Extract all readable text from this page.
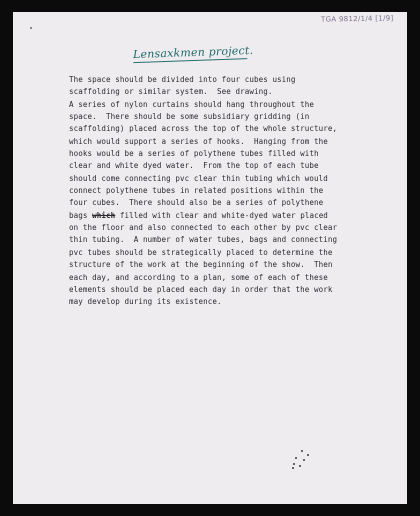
TGA 9812/1/4 [1/9]
Lensaxkmen project.
The space should be divided into four cubes using
scaffolding or similar system.  See drawing.
A series of nylon curtains should hang throughout the
space.  There should be some subsidiary gridding (in
scaffolding) placed across the top of the whole structure,
which would support a series of hooks.  Hanging from the
hooks would be a series of polythene tubes filled with
clear and white dyed water.  From the top of each tube
should come connecting pvc clear thin tubing which would
connect polythene tubes in related positions within the
four cubes.  There should also be a series of polythene
bags which filled with clear and white-dyed water placed
on the floor and also connected to each other by pvc clear
thin tubing.  A number of water tubes, bags and connecting
pvc tubes should be strategically placed to determine the
structure of the work at the beginning of the show.  Then
each day, and according to a plan, some of each of these
elements should be placed each day in order that the work
may develop during its existence.
